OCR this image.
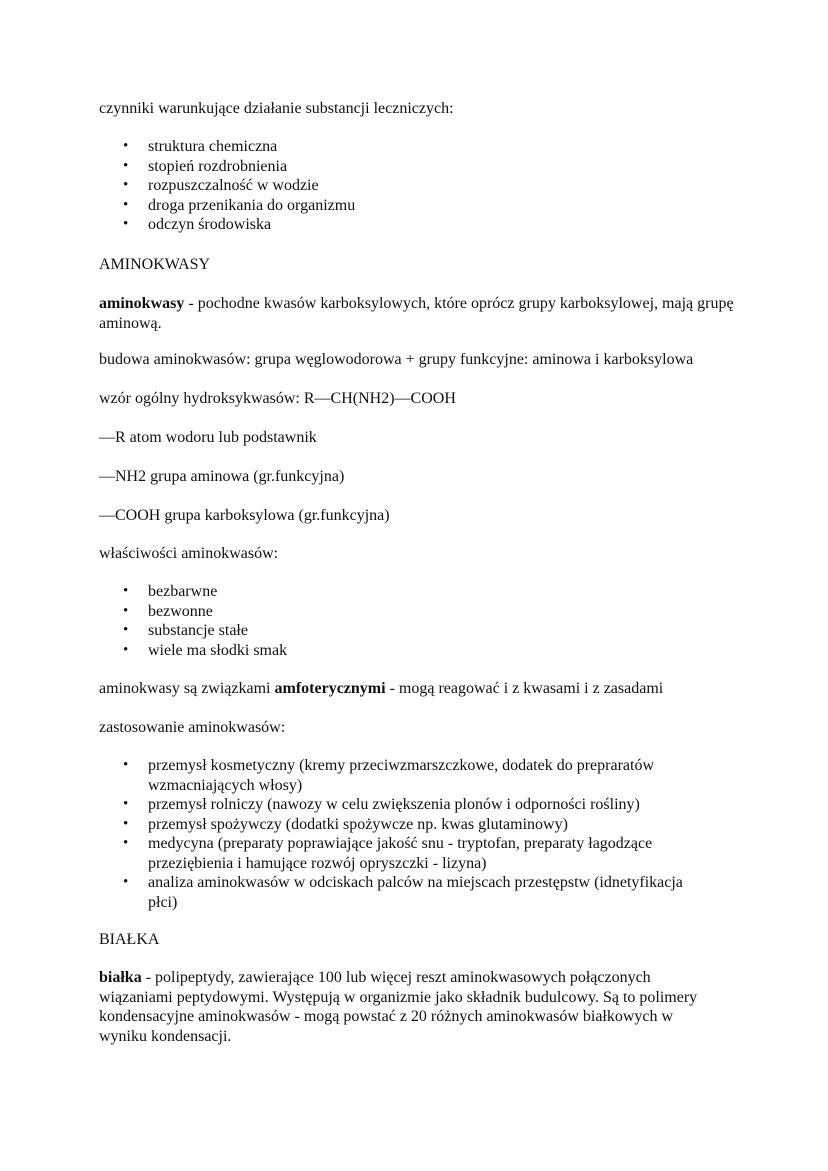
czynniki warunkujące działanie substancji leczniczych:

• struktura chemiczna
• stopień rozdrobnienia
• rozpuszczalność w wodzie
• droga przenikania do organizmu
• odczyn środowiska

AMINOKWASY

aminokwasy - pochodne kwasów karboksylowych, które oprócz grupy karboksylowej, mają grupę aminową.

budowa aminokwasów: grupa węglowodorowa + grupy funkcyjne: aminowa i karboksylowa

wzór ogólny hydroksykwasów: R—CH(NH2)—COOH

—R atom wodoru lub podstawnik

—NH2 grupa aminowa (gr.funkcyjna)

—COOH grupa karboksylowa (gr.funkcyjna)

właściwości aminokwasów:

• bezbarwne
• bezwonne
• substancje stałe
• wiele ma słodki smak

aminokwasy są związkami amfoterycznymi - mogą reagować i z kwasami i z zasadami

zastosowanie aminokwasów:

• przemysł kosmetyczny (kremy przeciwzmarszczkowe, dodatek do prepraratów wzmacniających włosy)
• przemysł rolniczy (nawozy w celu zwiększenia plonów i odporności rośliny)
• przemysł spożywczy (dodatki spożywcze np. kwas glutaminowy)
• medycyna (preparaty poprawiające jakość snu - tryptofan, preparaty łagodzące przeziębienia i hamujące rozwój opryszczki - lizyna)
• analiza aminokwasów w odciskach palców na miejscach przestępstw (idnetyfikacja płci)

BIAŁKA

białka - polipeptydy, zawierające 100 lub więcej reszt aminokwasowych połączonych wiązaniami peptydowymi. Występują w organizmie jako składnik budulcowy. Są to polimery kondensacyjne aminokwasów - mogą powstać z 20 różnych aminokwasów białkowych w wyniku kondensacji.
